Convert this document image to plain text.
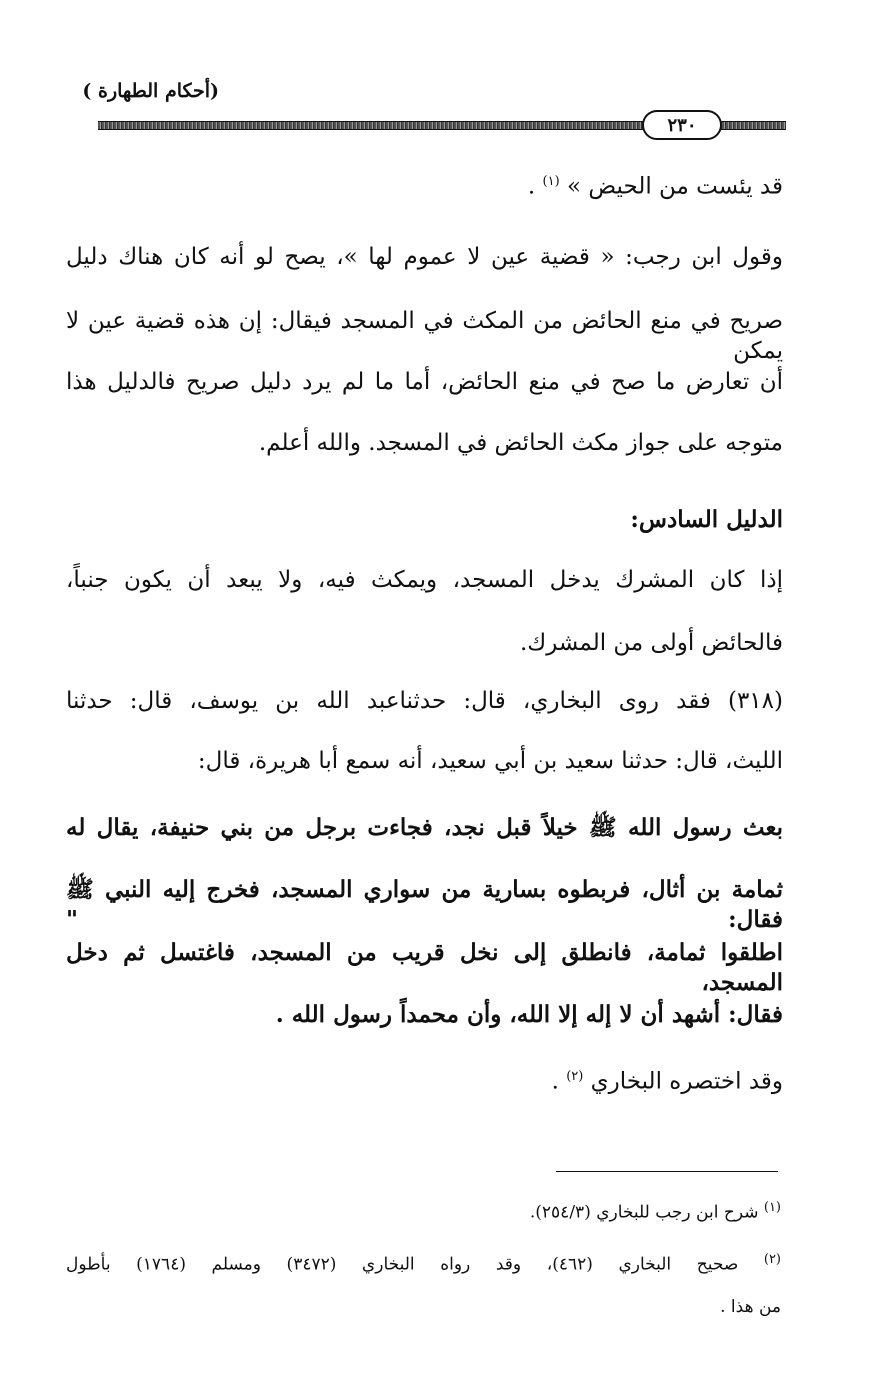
(أحكام الطهارة )
٢٣٠
قد يئست من الحيض » $^{(١)}$ .
وقول ابن رجب: « قضية عين لا عموم لها »، يصح لو أنه كان هناك دليل
صريح في منع الحائض من المكث في المسجد فيقال: إن هذه قضية عين لا يمكن
أن تعارض ما صح في منع الحائض، أما ما لم يرد دليل صريح فالدليل هذا
متوجه على جواز مكث الحائض في المسجد. والله أعلم.
الدليل السادس:
إذا كان المشرك يدخل المسجد، ويمكث فيه، ولا يبعد أن يكون جنباً،
فالحائض أولى من المشرك.
(٣١٨) فقد روى البخاري، قال: حدثناعبد الله بن يوسف، قال: حدثنا
الليث، قال: حدثنا سعيد بن أبي سعيد، أنه سمع أبا هريرة، قال:
بعث رسول الله ﷺ خيلاً قبل نجد، فجاءت برجل من بني حنيفة، يقال له
ثمامة بن أثال، فربطوه بسارية من سواري المسجد، فخرج إليه النبي ﷺ فقال: "
اطلقوا ثمامة، فانطلق إلى نخل قريب من المسجد، فاغتسل ثم دخل المسجد،
فقال: أشهد أن لا إله إلا الله، وأن محمداً رسول الله .
وقد اختصره البخاري $^{(٢)}$ .
$^{(١)}$ شرح ابن رجب للبخاري (٢٥٤/٣).
$^{(٢)}$ صحيح البخاري (٤٦٢)، وقد رواه البخاري (٣٤٧٢) ومسلم (١٧٦٤) بأطول
من هذا .
